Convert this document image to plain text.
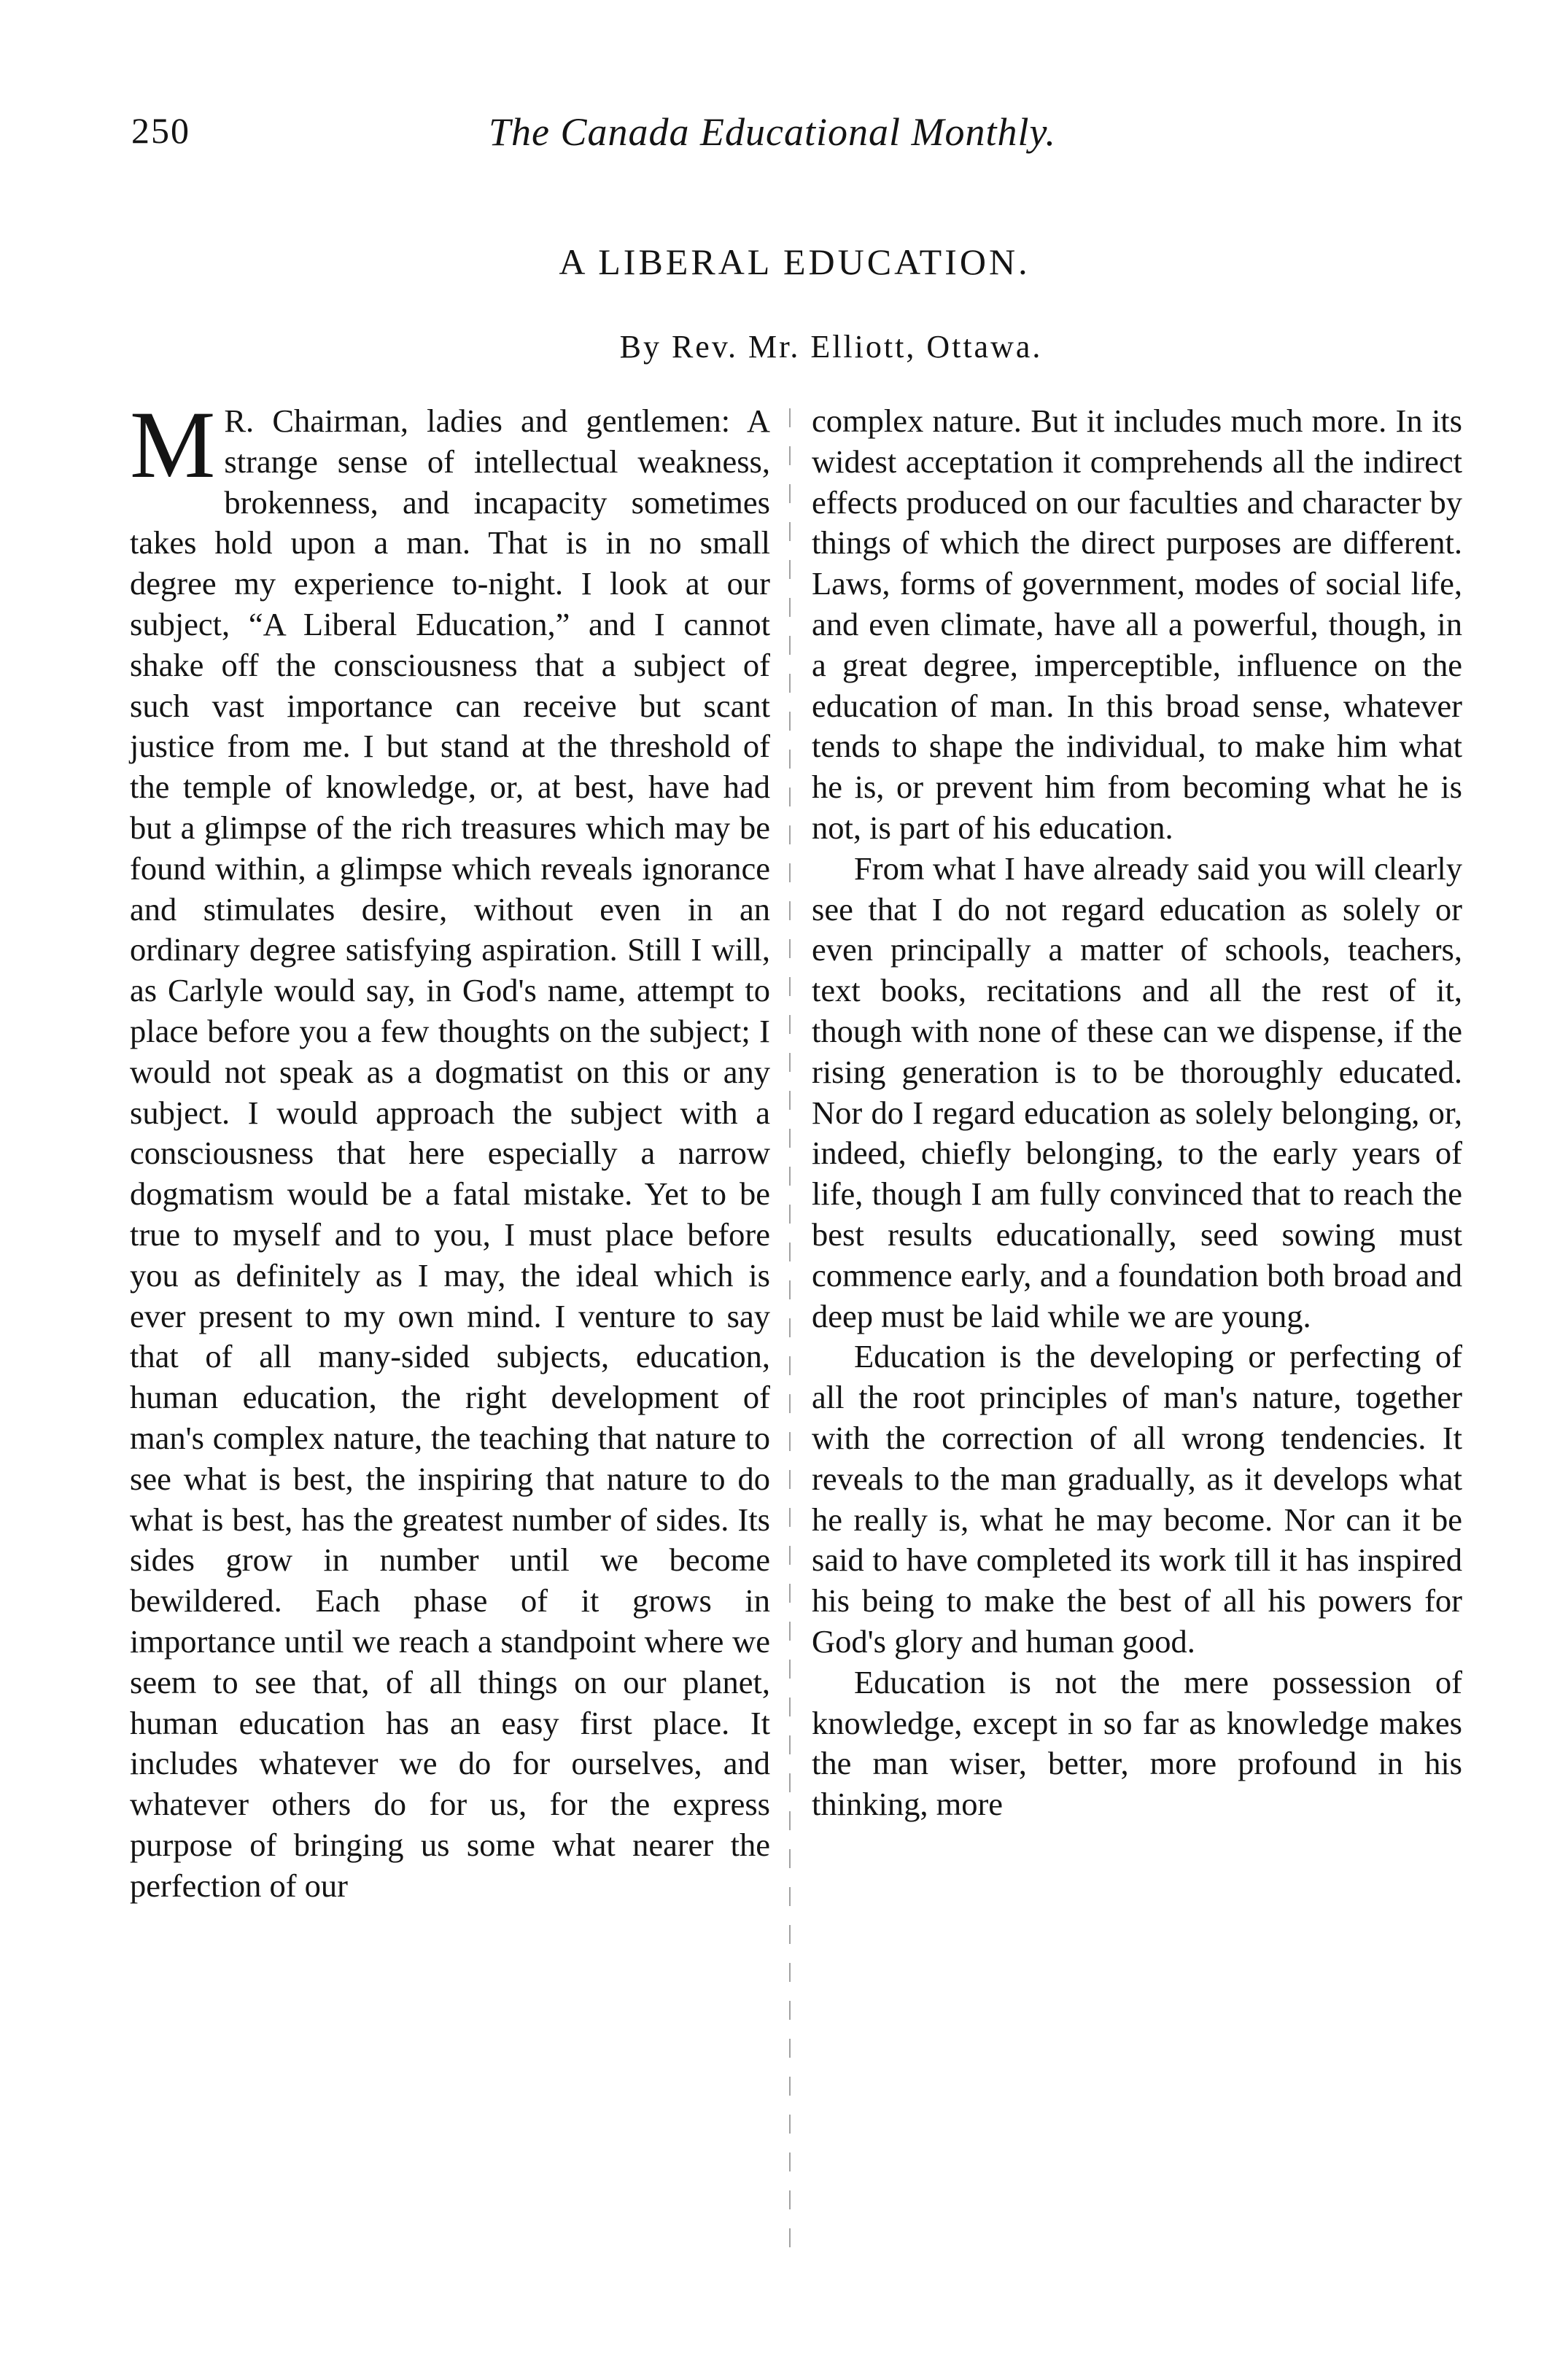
250	The Canada Educational Monthly.
A LIBERAL EDUCATION.
By Rev. Mr. Elliott, Ottawa.

M R. Chairman, ladies and gentlemen: A strange sense of intellectual weakness, brokenness, and incapacity sometimes takes hold upon a man. That is in no small degree my experience to-night. I look at our subject, “A Liberal Education,” and I cannot shake off the consciousness that a subject of such vast importance can receive but scant justice from me. I but stand at the threshold of the temple of knowledge, or, at best, have had but a glimpse of the rich treasures which may be found within, a glimpse which reveals ignorance and stimulates desire, without even in an ordinary degree satisfying aspiration. Still I will, as Carlyle would say, in God's name, attempt to place before you a few thoughts on the subject; I would not speak as a dogmatist on this or any subject. I would approach the subject with a consciousness that here especially a narrow dogmatism would be a fatal mistake. Yet to be true to myself and to you, I must place before you as definitely as I may, the ideal which is ever present to my own mind. I venture to say that of all many-sided subjects, education, human education, the right development of man's complex nature, the teaching that nature to see what is best, the inspiring that nature to do what is best, has the greatest number of sides. Its sides grow in number until we become bewildered. Each phase of it grows in importance until we reach a standpoint where we seem to see that, of all things on our planet, human education has an easy first place. It includes whatever we do for ourselves, and whatever others do for us, for the express purpose of bringing us some what nearer the perfection of our

complex nature. But it includes much more. In its widest acceptation it comprehends all the indirect effects produced on our faculties and character by things of which the direct purposes are different. Laws, forms of government, modes of social life, and even climate, have all a powerful, though, in a great degree, imperceptible, influence on the education of man. In this broad sense, whatever tends to shape the individual, to make him what he is, or prevent him from becoming what he is not, is part of his education.

From what I have already said you will clearly see that I do not regard education as solely or even principally a matter of schools, teachers, text books, recitations and all the rest of it, though with none of these can we dispense, if the rising generation is to be thoroughly educated. Nor do I regard education as solely belonging, or, indeed, chiefly belonging, to the early years of life, though I am fully convinced that to reach the best results educationally, seed sowing must commence early, and a foundation both broad and deep must be laid while we are young.

Education is the developing or perfecting of all the root principles of man's nature, together with the correction of all wrong tendencies. It reveals to the man gradually, as it develops what he really is, what he may become. Nor can it be said to have completed its work till it has inspired his being to make the best of all his powers for God's glory and human good.

Education is not the mere possession of knowledge, except in so far as knowledge makes the man wiser, better, more profound in his thinking, more
